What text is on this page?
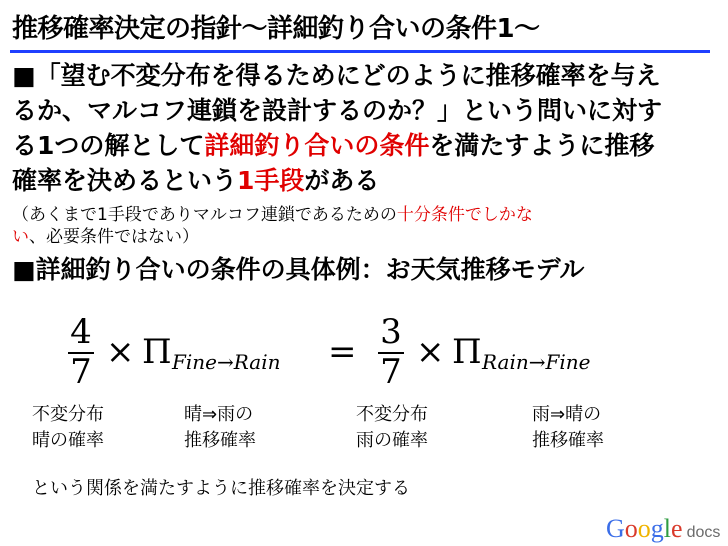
推移確率決定の指針～詳細釣り合いの条件1～
■「望む不変分布を得るためにどのように推移確率を与え
るか、マルコフ連鎖を設計するのか？」という問いに対す
る1つの解として詳細釣り合いの条件を満たすように推移
確率を決めるという1手段がある
（あくまで1手段でありマルコフ連鎖であるための十分条件でしかな
い、必要条件ではない）
■詳細釣り合いの条件の具体例：お天気推移モデル
4
7 × Π Fine→Rain = 3
7 × Π Rain→Fine
不変分布
晴の確率
晴⇒雨の
推移確率
不変分布
雨の確率
雨⇒晴の
推移確率
という関係を満たすように推移確率を決定する
Google docs
